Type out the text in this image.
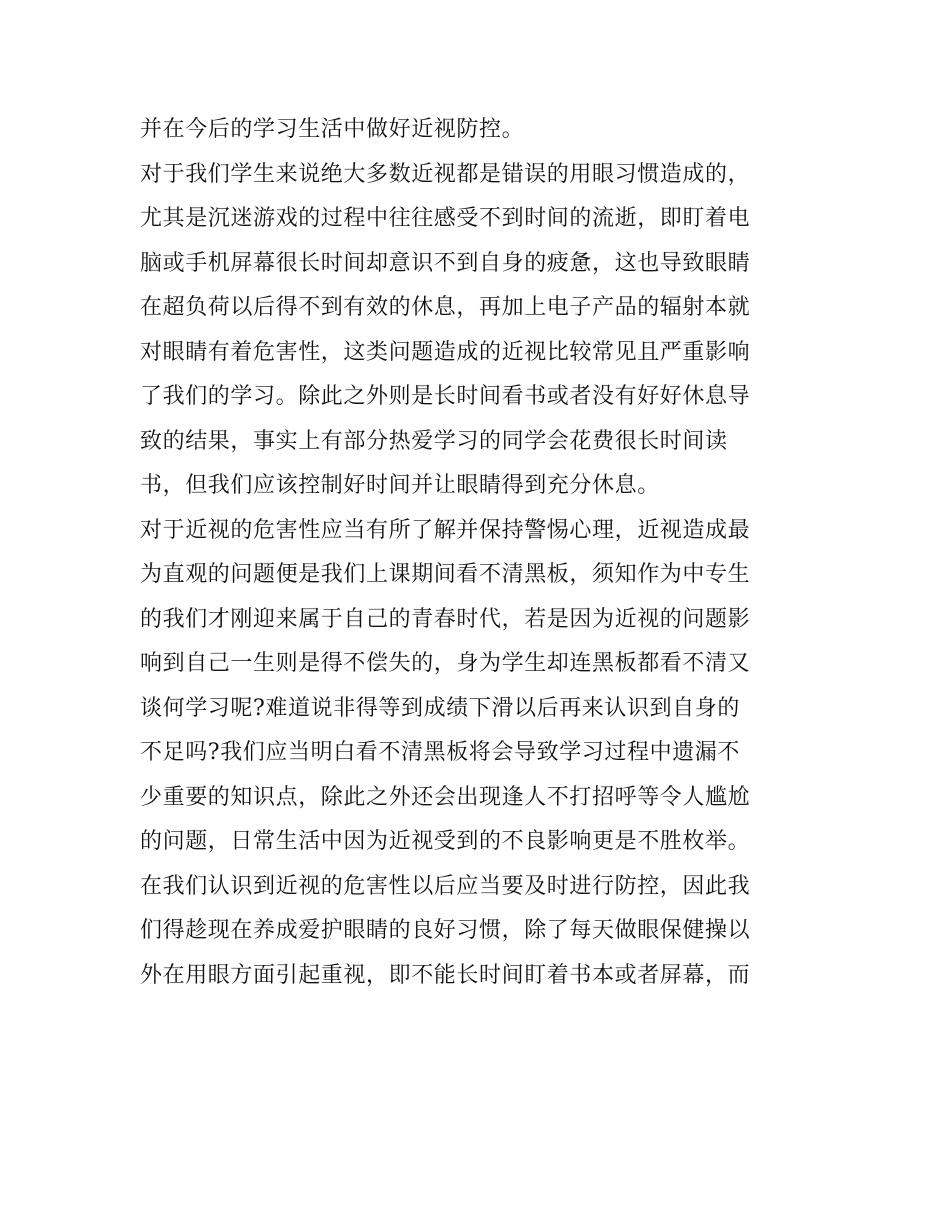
并在今后的学习生活中做好近视防控。
对于我们学生来说绝大多数近视都是错误的用眼习惯造成的，
尤其是沉迷游戏的过程中往往感受不到时间的流逝，即盯着电
脑或手机屏幕很长时间却意识不到自身的疲惫，这也导致眼睛
在超负荷以后得不到有效的休息，再加上电子产品的辐射本就
对眼睛有着危害性，这类问题造成的近视比较常见且严重影响
了我们的学习。除此之外则是长时间看书或者没有好好休息导
致的结果，事实上有部分热爱学习的同学会花费很长时间读
书，但我们应该控制好时间并让眼睛得到充分休息。
对于近视的危害性应当有所了解并保持警惕心理，近视造成最
为直观的问题便是我们上课期间看不清黑板，须知作为中专生
的我们才刚迎来属于自己的青春时代，若是因为近视的问题影
响到自己一生则是得不偿失的，身为学生却连黑板都看不清又
谈何学习呢?难道说非得等到成绩下滑以后再来认识到自身的
不足吗?我们应当明白看不清黑板将会导致学习过程中遗漏不
少重要的知识点，除此之外还会出现逢人不打招呼等令人尴尬
的问题，日常生活中因为近视受到的不良影响更是不胜枚举。
在我们认识到近视的危害性以后应当要及时进行防控，因此我
们得趁现在养成爱护眼睛的良好习惯，除了每天做眼保健操以
外在用眼方面引起重视，即不能长时间盯着书本或者屏幕，而
